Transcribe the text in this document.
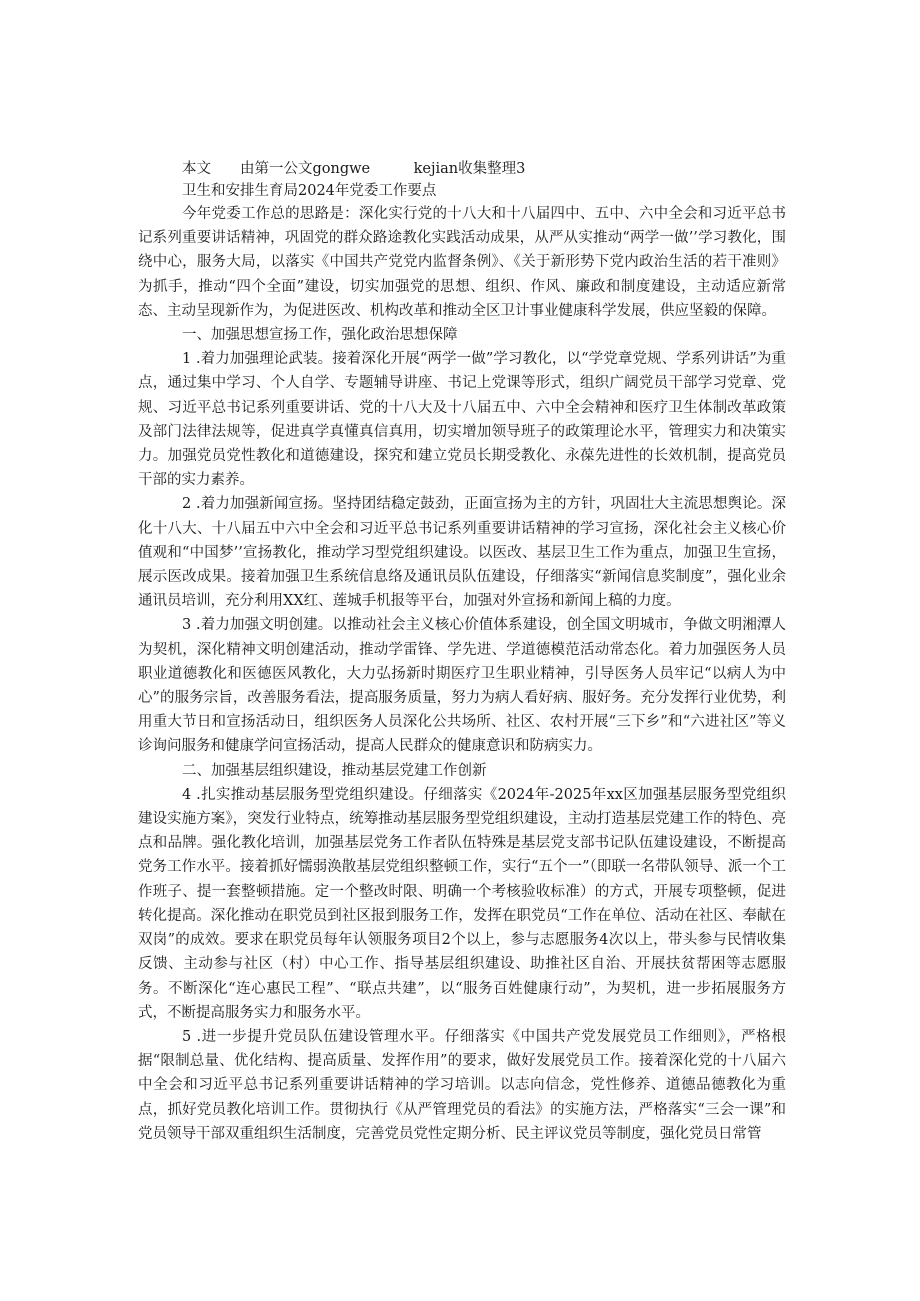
本文　　由第一公文gongwe　　　kejian收集整理3
卫生和安排生育局2024年党委工作要点

今年党委工作总的思路是：深化实行党的十八大和十八届四中、五中、六中全会和习近平总书记系列重要讲话精神，巩固党的群众路途教化实践活动成果，从严从实推动“两学一做’’学习教化，围绕中心，服务大局，以落实《中国共产党党内监督条例》、《关于新形势下党内政治生活的若干准则》为抓手，推动“四个全面”建设，切实加强党的思想、组织、作风、廉政和制度建设，主动适应新常态、主动呈现新作为，为促进医改、机构改革和推动全区卫计事业健康科学发展，供应坚毅的保障。

一、加强思想宣扬工作，强化政治思想保障

1 .着力加强理论武装。接着深化开展“两学一做”学习教化，以“学党章党规、学系列讲话”为重点，通过集中学习、个人自学、专题辅导讲座、书记上党课等形式，组织广阔党员干部学习党章、党规、习近平总书记系列重要讲话、党的十八大及十八届五中、六中全会精神和医疗卫生体制改革政策及部门法律法规等，促进真学真懂真信真用，切实增加领导班子的政策理论水平，管理实力和决策实力。加强党员党性教化和道德建设，探究和建立党员长期受教化、永葆先进性的长效机制，提高党员干部的实力素养。

2 .着力加强新闻宣扬。坚持团结稳定鼓劲，正面宣扬为主的方针，巩固壮大主流思想舆论。深化十八大、十八届五中六中全会和习近平总书记系列重要讲话精神的学习宣扬，深化社会主义核心价值观和“中国梦’’宣扬教化，推动学习型党组织建设。以医改、基层卫生工作为重点，加强卫生宣扬，展示医改成果。接着加强卫生系统信息络及通讯员队伍建设，仔细落实“新闻信息奖制度”，强化业余通讯员培训，充分利用XX红、莲城手机报等平台，加强对外宣扬和新闻上稿的力度。

3 .着力加强文明创建。以推动社会主义核心价值体系建设，创全国文明城市，争做文明湘潭人为契机，深化精神文明创建活动，推动学雷锋、学先进、学道德模范活动常态化。着力加强医务人员职业道德教化和医德医风教化，大力弘扬新时期医疗卫生职业精神，引导医务人员牢记“以病人为中心”的服务宗旨，改善服务看法，提高服务质量，努力为病人看好病、服好务。充分发挥行业优势，利用重大节日和宣扬活动日，组织医务人员深化公共场所、社区、农村开展“三下乡”和“六进社区”等义诊询问服务和健康学问宣扬活动，提高人民群众的健康意识和防病实力。

二、加强基层组织建设，推动基层党建工作创新

4 .扎实推动基层服务型党组织建设。仔细落实《2024年-2025年xx区加强基层服务型党组织建设实施方案》，突发行业特点，统筹推动基层服务型党组织建设，主动打造基层党建工作的特色、亮点和品牌。强化教化培训，加强基层党务工作者队伍特殊是基层党支部书记队伍建设建设，不断提高党务工作水平。接着抓好懦弱涣散基层党组织整顿工作，实行“五个一”（即联一名带队领导、派一个工作班子、提一套整顿措施。定一个整改时限、明确一个考核验收标准）的方式，开展专项整顿，促进转化提高。深化推动在职党员到社区报到服务工作，发挥在职党员“工作在单位、活动在社区、奉献在双岗”的成效。要求在职党员每年认领服务项目2个以上，参与志愿服务4次以上，带头参与民情收集反馈、主动参与社区（村）中心工作、指导基层组织建设、助推社区自治、开展扶贫帮困等志愿服务。不断深化“连心惠民工程”、“联点共建”，以“服务百姓健康行动”，为契机，进一步拓展服务方式，不断提高服务实力和服务水平。

5 .进一步提升党员队伍建设管理水平。仔细落实《中国共产党发展党员工作细则》，严格根据“限制总量、优化结构、提高质量、发挥作用”的要求，做好发展党员工作。接着深化党的十八届六中全会和习近平总书记系列重要讲话精神的学习培训。以志向信念，党性修养、道德品德教化为重点，抓好党员教化培训工作。贯彻执行《从严管理党员的看法》的实施方法，严格落实“三会一课”和党员领导干部双重组织生活制度，完善党员党性定期分析、民主评议党员等制度，强化党员日常管
